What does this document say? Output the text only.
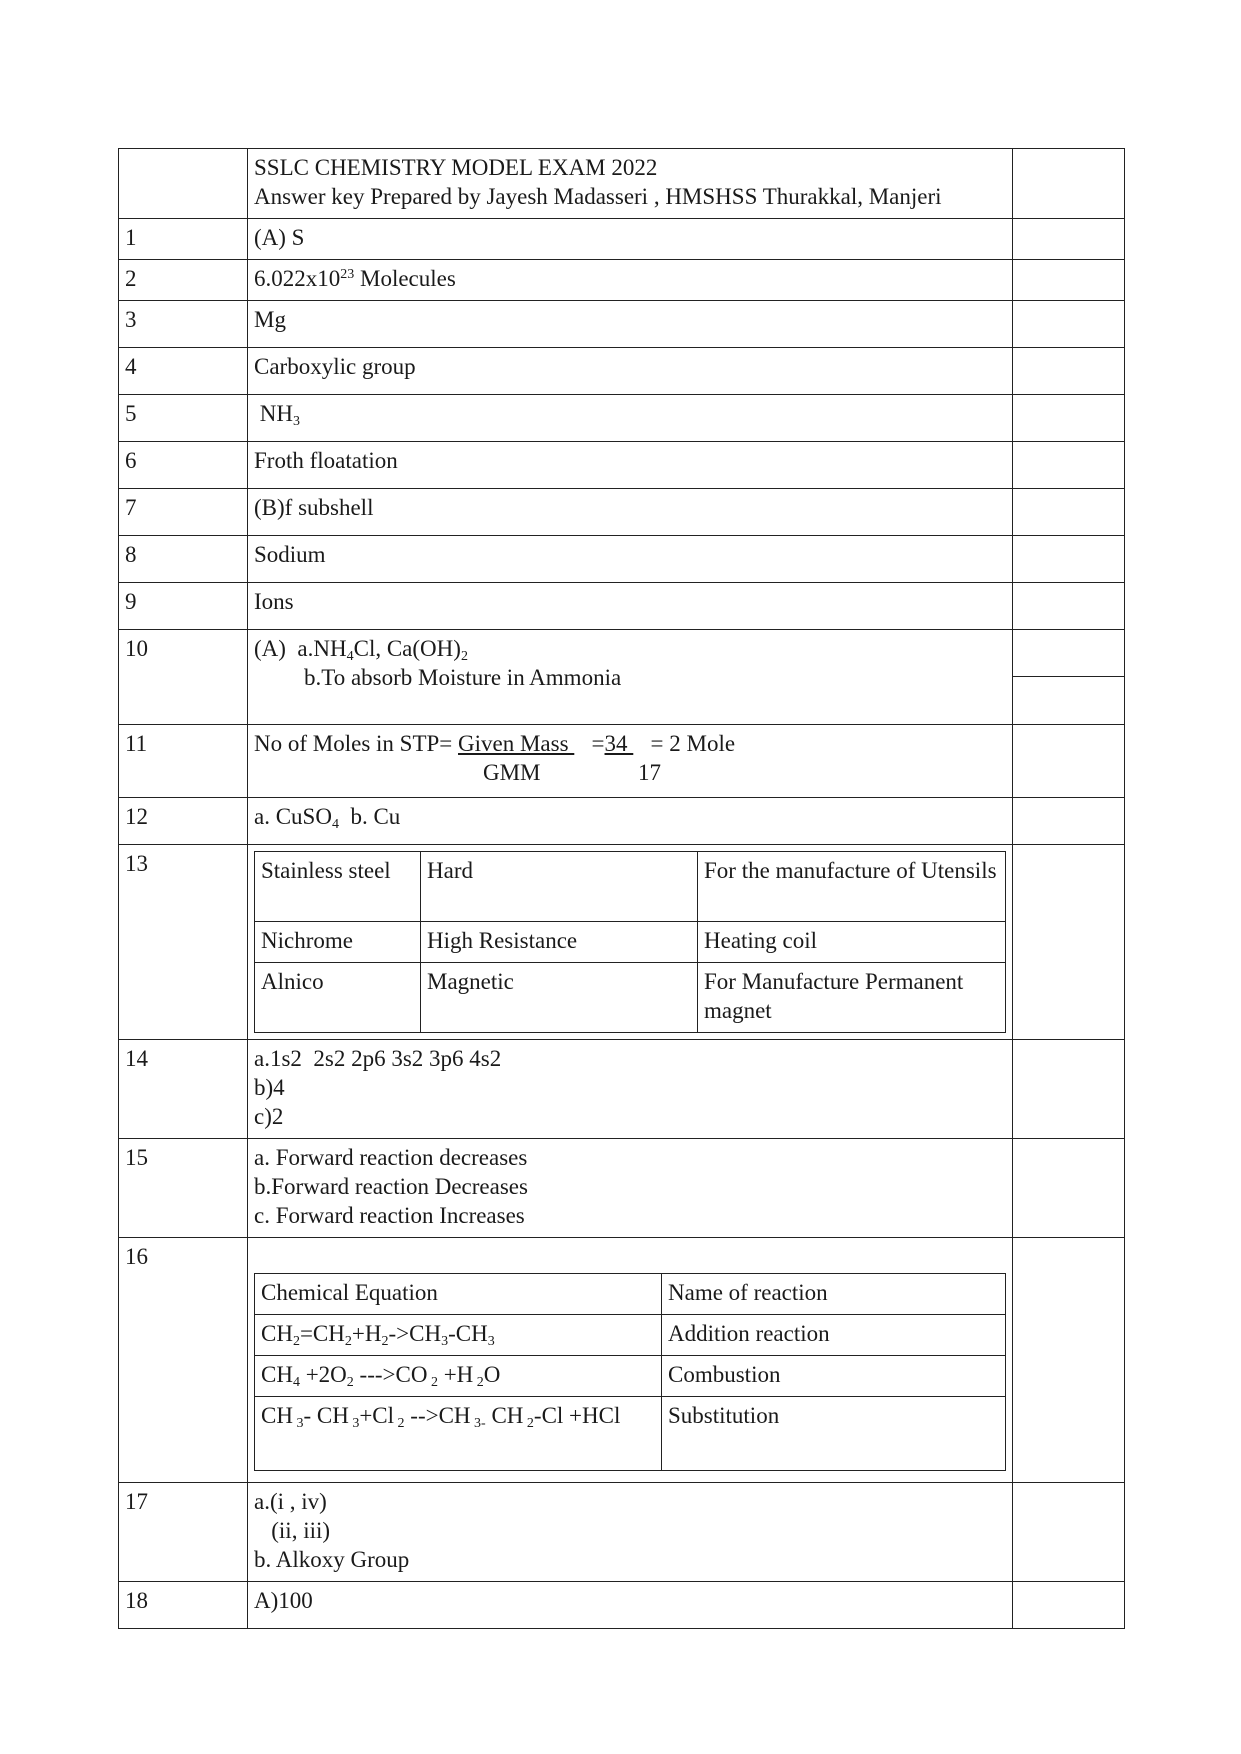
SSLC CHEMISTRY MODEL EXAM 2022
Answer key Prepared by Jayesh Madasseri , HMSHSS Thurakkal, Manjeri

1	(A) S	
2	$6.022x10^{23}$ Molecules	
3	Mg	
4	Carboxylic group	
5	$NH_3$	
6	Froth floatation	
7	(B)f subshell	
8	Sodium	
9	Ions	
10	(A)  $a.NH_4Cl$, $Ca(OH)_2$
b.To absorb Moisture in Ammonia

11	No of Moles in STP= Given Mass    =34    = 2 Mole
GMM	17

12	a. CuSO$_4$  b. Cu	
13		Stainless steel	Hard	For the manufacture of Utensils
Nichrome	High Resistance	Heating coil
Alnico	Magnetic	For Manufacture Permanent magnet

14	a.1s2  2s2 2p6 3s2 3p6 4s2
b)4
c)2

15	a. Forward reaction decreases
b.Forward reaction Decreases
c. Forward reaction Increases

16	
Chemical Equation	Name of reaction
$CH_2=CH_2+H_2->CH_3-CH_3$	Addition reaction
$CH_4 +2O_2$ --->CO $_2$ +H $_2$O	Combustion
CH $_3$- CH $_3$+Cl $_2$ -->CH $_{3-}$ CH $_2$-Cl +HCl	Substitution

17	a.(i , iv)
(ii, iii)
b. Alkoxy Group

18	A)100	
